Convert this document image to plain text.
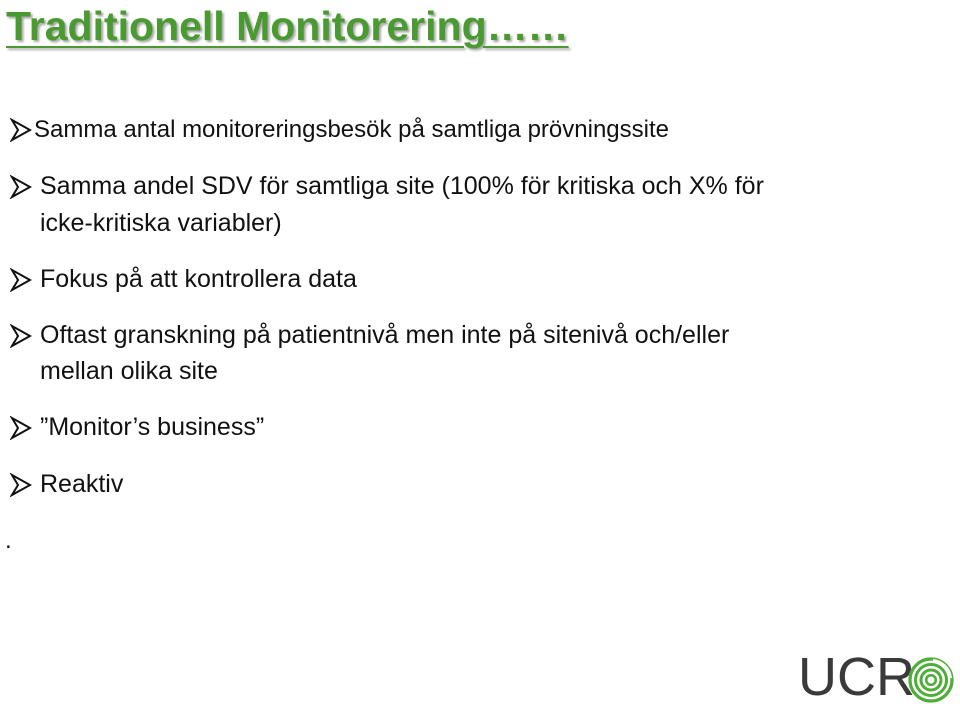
Traditionell Monitorering……
Samma antal monitoreringsbesök på samtliga prövningssite
Samma andel SDV för samtliga site (100% för kritiska och X% för
icke-kritiska variabler)
Fokus på att kontrollera data
Oftast granskning på patientnivå men inte på sitenivå och/eller
mellan olika site
”Monitor’s business”
Reaktiv
.
UCR
